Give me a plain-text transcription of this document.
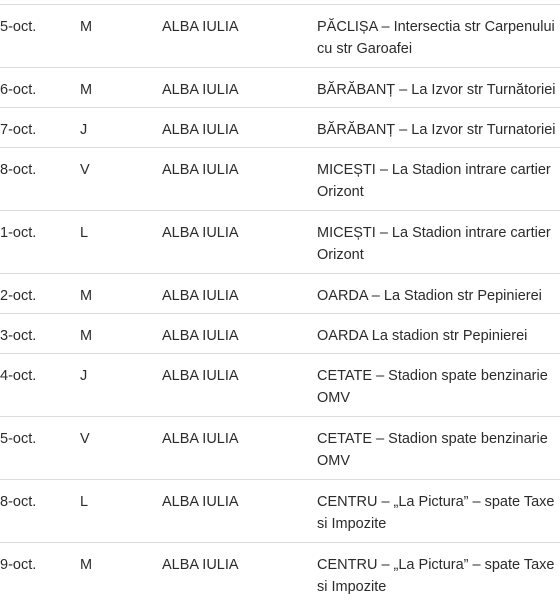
5-oct.	M	ALBA IULIA	PĂCLIȘA – Intersectia str Carpenului cu str Garoafei
6-oct.	M	ALBA IULIA	BĂRĂBANȚ – La Izvor str Turnătoriei
7-oct.	J	ALBA IULIA	BĂRĂBANȚ – La Izvor str Turnatoriei
8-oct.	V	ALBA IULIA	MICEȘTI – La Stadion intrare cartier Orizont
1-oct.	L	ALBA IULIA	MICEȘTI – La Stadion intrare cartier Orizont
2-oct.	M	ALBA IULIA	OARDA – La Stadion str Pepinierei
3-oct.	M	ALBA IULIA	OARDA La stadion str Pepinierei
4-oct.	J	ALBA IULIA	CETATE – Stadion spate benzinarie OMV
5-oct.	V	ALBA IULIA	CETATE – Stadion spate benzinarie OMV
8-oct.	L	ALBA IULIA	CENTRU – „La Pictura” – spate Taxe si Impozite
9-oct.	M	ALBA IULIA	CENTRU – „La Pictura” – spate Taxe si Impozite
